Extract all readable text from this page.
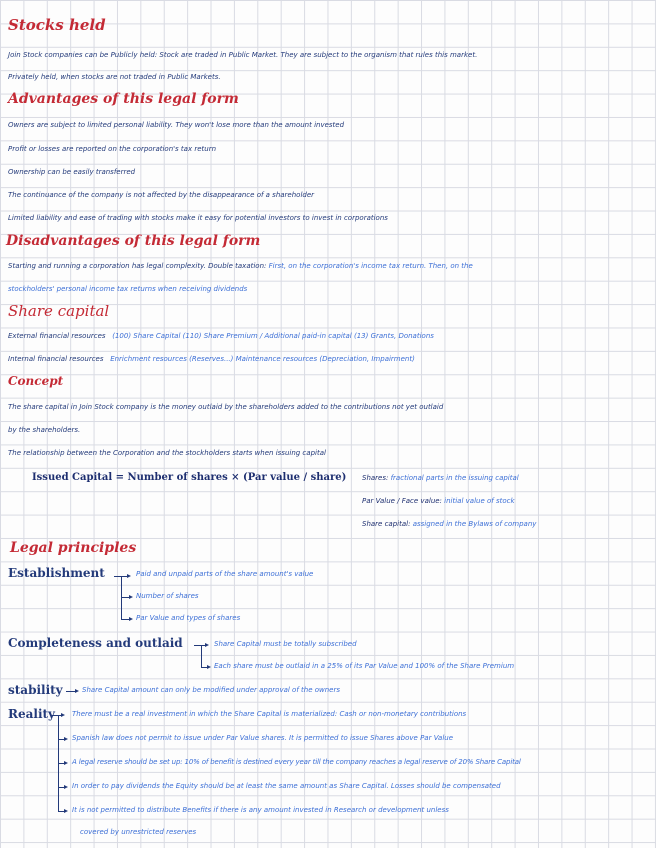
Stocks held
Join Stock companies can be Publicly held: Stock are traded in Public Market. They are subject to the organism that rules this market.
Privately held, when stocks are not traded in Public Markets.
Advantages of this legal form
Owners are subject to limited personal liability. They won't lose more than the amount invested
Profit or losses are reported on the corporation's tax return
Ownership can be easily transferred
The continuance of the company is not affected by the disappearance of a shareholder
Limited liability and ease of trading with stocks make it easy for potential investors to invest in corporations
Disadvantages of this legal form
Starting and running a corporation has legal complexity. Double taxation: First, on the corporation's income tax return. Then, on the
stockholders' personal income tax returns when receiving dividends
Share capital
External financial resources (100) Share Capital (110) Share Premium / Additional paid-in capital (13) Grants, Donations
Internal financial resources Enrichment resources (Reserves...) Maintenance resources (Depreciation, Impairment)
Concept
The share capital in Join Stock company is the money outlaid by the shareholders added to the contributions not yet outlaid
by the shareholders.
The relationship between the Corporation and the stockholders starts when issuing capital
Issued Capital = Number of shares × (Par value / share) Shares: fractional parts in the issuing capital
Par Value / Face value: initial value of stock
Share capital: assigned in the Bylaws of company
Legal principles
Establishment	Paid and unpaid parts of the share amount's value
Number of shares
Par Value and types of shares
Completeness and outlaid	Share Capital must be totally subscribed
Each share must be outlaid in a 25% of its Par Value and 100% of the Share Premium
stability	Share Capital amount can only be modified under approval of the owners
Reality There must be a real investment in which the Share Capital is materialized: Cash or non-monetary contributions
Spanish law does not permit to issue under Par Value shares. It is permitted to issue Shares above Par Value
A legal reserve should be set up: 10% of benefit is destined every year till the company reaches a legal reserve of 20% Share Capital
In order to pay dividends the Equity should be at least the same amount as Share Capital. Losses should be compensated
It is not permitted to distribute Benefits if there is any amount invested in Research or development unless
covered by unrestricted reserves
